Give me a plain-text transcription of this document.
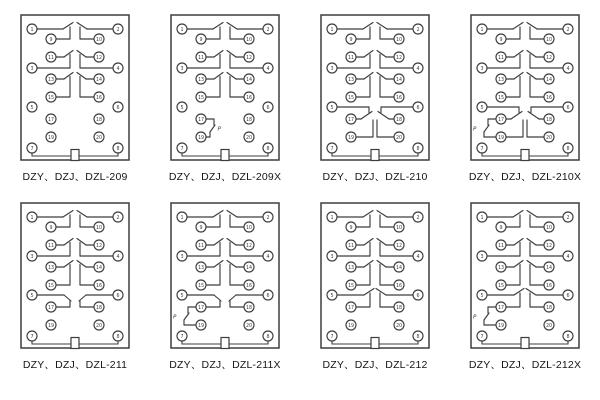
1	2
9	10
11	12
3	4
13	14
15	16
5	6
17	18
19	20
7	8
DZY、DZJ、DZL-209
P
1	2
9	10
11	12
3	4
13	14
15	16
5	6
17	18
19	20
7	8
DZY、DZJ、DZL-209X
1	2
9	10
11	12
3	4
13	14
15	16
5	6
17	18
19	20
7	8
DZY、DZJ、DZL-210
P
1	2
9	10
11	12
3	4
13	14
15	16
5	6
17	18
19	20
7	8
DZY、DZJ、DZL-210X
1	2
9	10
11	12
3	4
13	14
15	16
5	6
17	18
19	20
7	8
DZY、DZJ、DZL-211
P
1	2
9	10
11	12
3	4
13	14
15	16
5	6
17	18
19	20
7	8
DZY、DZJ、DZL-211X
1	2
9	10
11	12
3	4
13	14
15	16
5	6
17	18
19	20
7	8
DZY、DZJ、DZL-212
P
1	2
9	10
11	12
3	4
13	14
15	16
5	6
17	18
19	20
7	8
DZY、DZJ、DZL-212X
